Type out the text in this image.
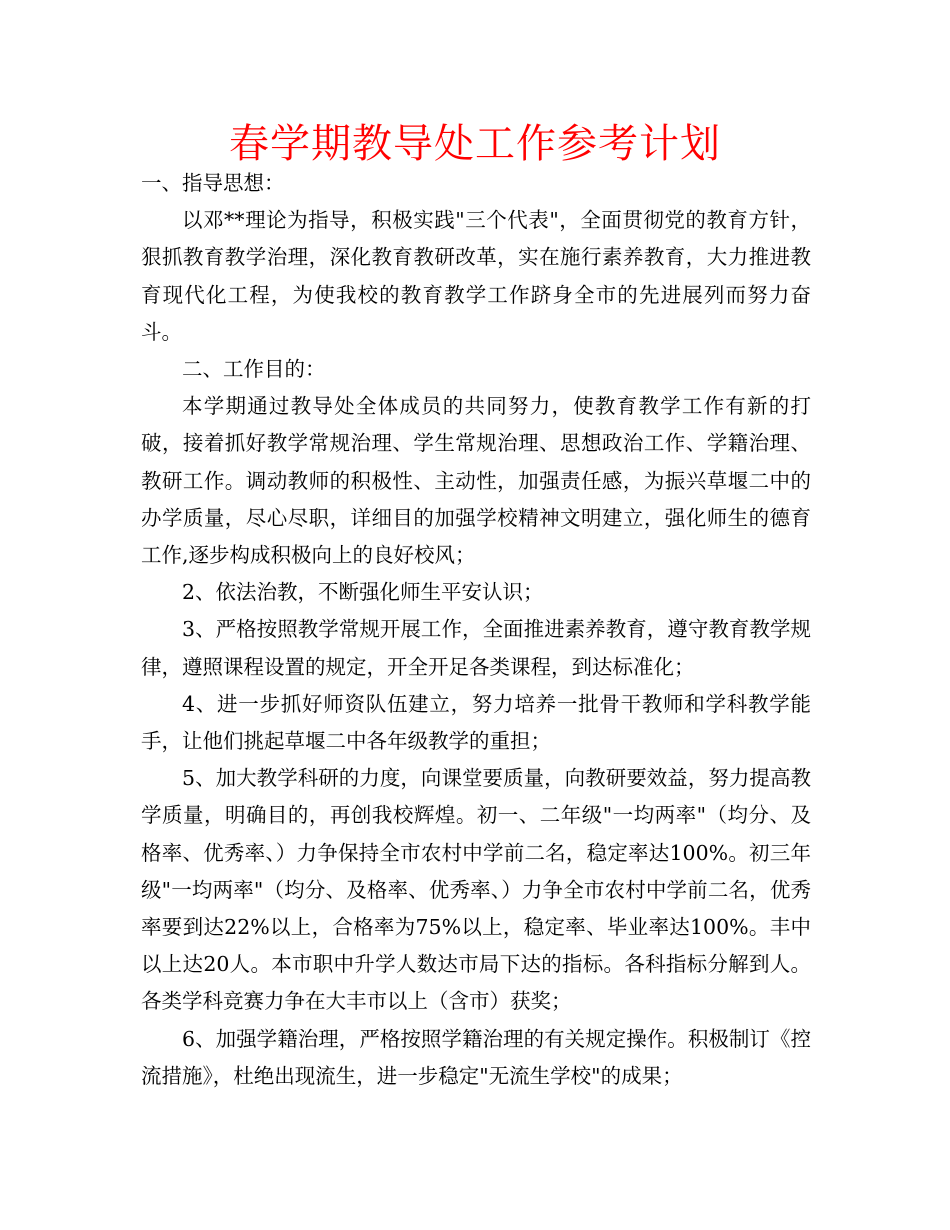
春学期教导处工作参考计划

一、指导思想：

以邓**理论为指导，积极实践"三个代表"，全面贯彻党的教育方针，狠抓教育教学治理，深化教育教研改革，实在施行素养教育，大力推进教育现代化工程，为使我校的教育教学工作跻身全市的先进展列而努力奋斗。

二、工作目的：

本学期通过教导处全体成员的共同努力，使教育教学工作有新的打破，接着抓好教学常规治理、学生常规治理、思想政治工作、学籍治理、教研工作。调动教师的积极性、主动性，加强责任感，为振兴草堰二中的办学质量，尽心尽职，详细目的加强学校精神文明建立，强化师生的德育工作,逐步构成积极向上的良好校风；

2、依法治教，不断强化师生平安认识；

3、严格按照教学常规开展工作，全面推进素养教育，遵守教育教学规律，遵照课程设置的规定，开全开足各类课程，到达标准化；

4、进一步抓好师资队伍建立，努力培养一批骨干教师和学科教学能手，让他们挑起草堰二中各年级教学的重担；

5、加大教学科研的力度，向课堂要质量，向教研要效益，努力提高教学质量，明确目的，再创我校辉煌。初一、二年级"一均两率"（均分、及格率、优秀率、）力争保持全市农村中学前二名，稳定率达100%。初三年级"一均两率"（均分、及格率、优秀率、）力争全市农村中学前二名，优秀率要到达22%以上，合格率为75%以上，稳定率、毕业率达100%。丰中以上达20人。本市职中升学人数达市局下达的指标。各科指标分解到人。各类学科竞赛力争在大丰市以上（含市）获奖；

6、加强学籍治理，严格按照学籍治理的有关规定操作。积极制订《控流措施》，杜绝出现流生，进一步稳定"无流生学校"的成果；
